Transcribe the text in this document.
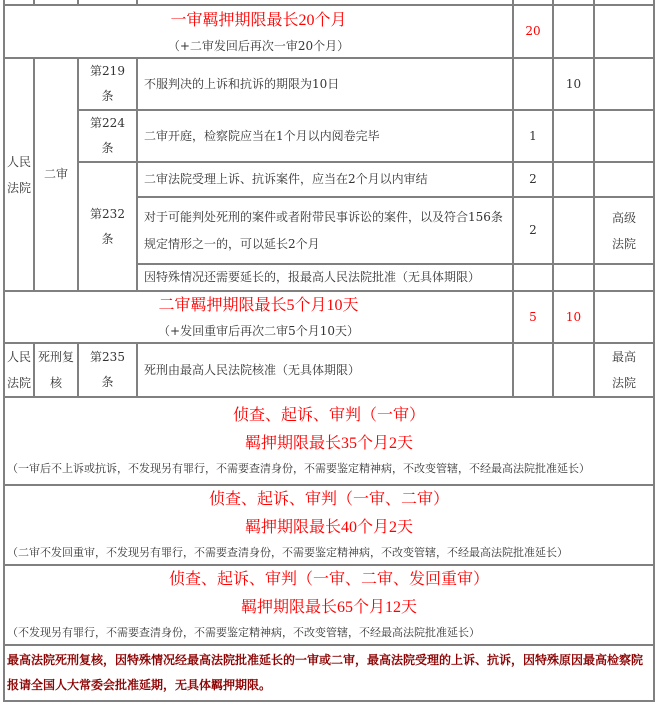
一审羁押期限最长20个月
（+二审发回后再次一审20个月）				20		
人民法院	二审	第219条	不服判决的上诉和抗诉的期限为10日		10	
		第224条	二审开庭，检察院应当在1个月以内阅卷完毕	1		
		第232条	二审法院受理上诉、抗诉案件，应当在2个月以内审结	2		
			对于可能判处死刑的案件或者附带民事诉讼的案件，以及符合156条规定情形之一的，可以延长2个月	2		高级法院
			因特殊情况还需要延长的，报最高人民法院批准（无具体期限）			

二审羁押期限最长5个月10天
（+发回重审后再次二审5个月10天）				5	10	
人民法院	死刑复核	第235条	死刑由最高人民法院核准（无具体期限）			最高法院

侦查、起诉、审判（一审）
羁押期限最长35个月2天
（一审后不上诉或抗诉，不发现另有罪行，不需要查清身份，不需要鉴定精神病，不改变管辖，不经最高法院批准延长）						

侦查、起诉、审判（一审、二审）
羁押期限最长40个月2天
（二审不发回重审，不发现另有罪行，不需要查清身份，不需要鉴定精神病，不改变管辖，不经最高法院批准延长）						

侦查、起诉、审判（一审、二审、发回重审）
羁押期限最长65个月12天
（不发现另有罪行，不需要查清身份，不需要鉴定精神病，不改变管辖，不经最高法院批准延长）						

最高法院死刑复核，因特殊情况经最高法院批准延长的一审或二审，最高法院受理的上诉、抗诉，因特殊原因最高检察院报请全国人大常委会批准延期，无具体羁押期限。						
